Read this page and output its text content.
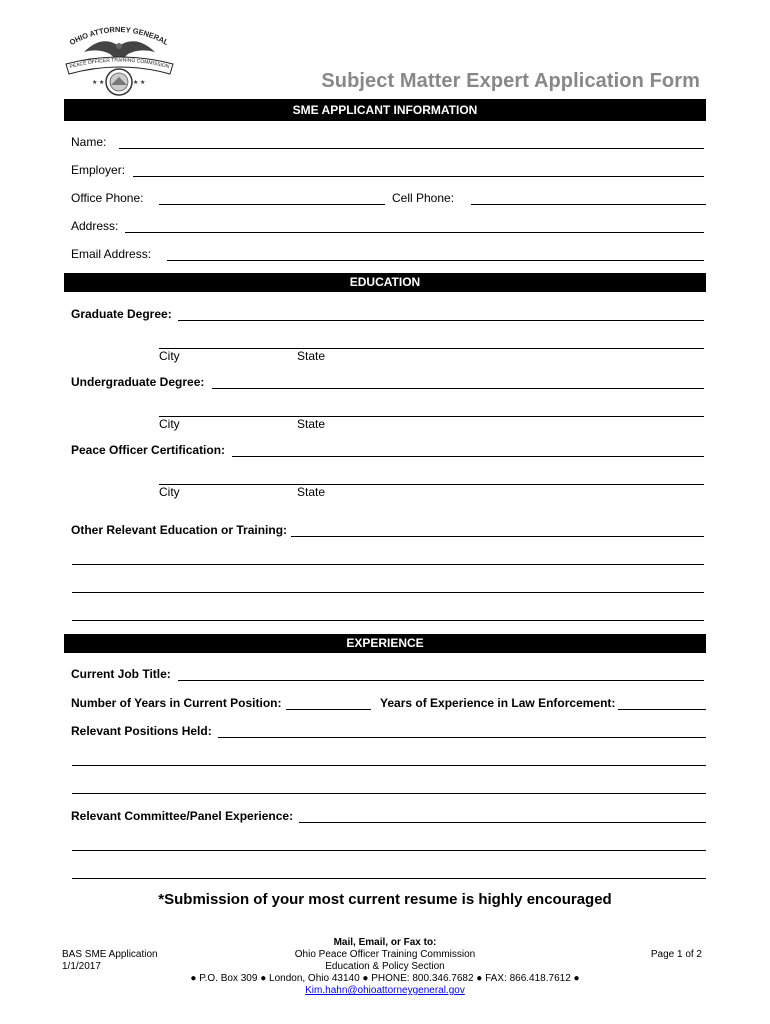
OHIO ATTORNEY GENERAL
PEACE OFFICER TRAINING COMMISSION
★ ★	★ ★	Subject Matter Expert Application Form
SME APPLICANT INFORMATION
Name:
Employer:
Office Phone:	Cell Phone:
Address:
Email Address:
EDUCATION
Graduate Degree:
City	State
Undergraduate Degree:
City	State
Peace Officer Certification:
City	State
Other Relevant Education or Training:
EXPERIENCE
Current Job Title:
Number of Years in Current Position:	Years of Experience in Law Enforcement:
Relevant Positions Held:
Relevant Committee/Panel Experience:
*Submission of your most current resume is highly encouraged
BAS SME Application
1/1/2017
Page 1 of 2
Mail, Email, or Fax to:
Ohio Peace Officer Training Commission
Education & Policy Section
● P.O. Box 309 ● London, Ohio 43140 ● PHONE: 800.346.7682 ● FAX: 866.418.7612 ●
Kim.hahn@ohioattorneygeneral.gov
